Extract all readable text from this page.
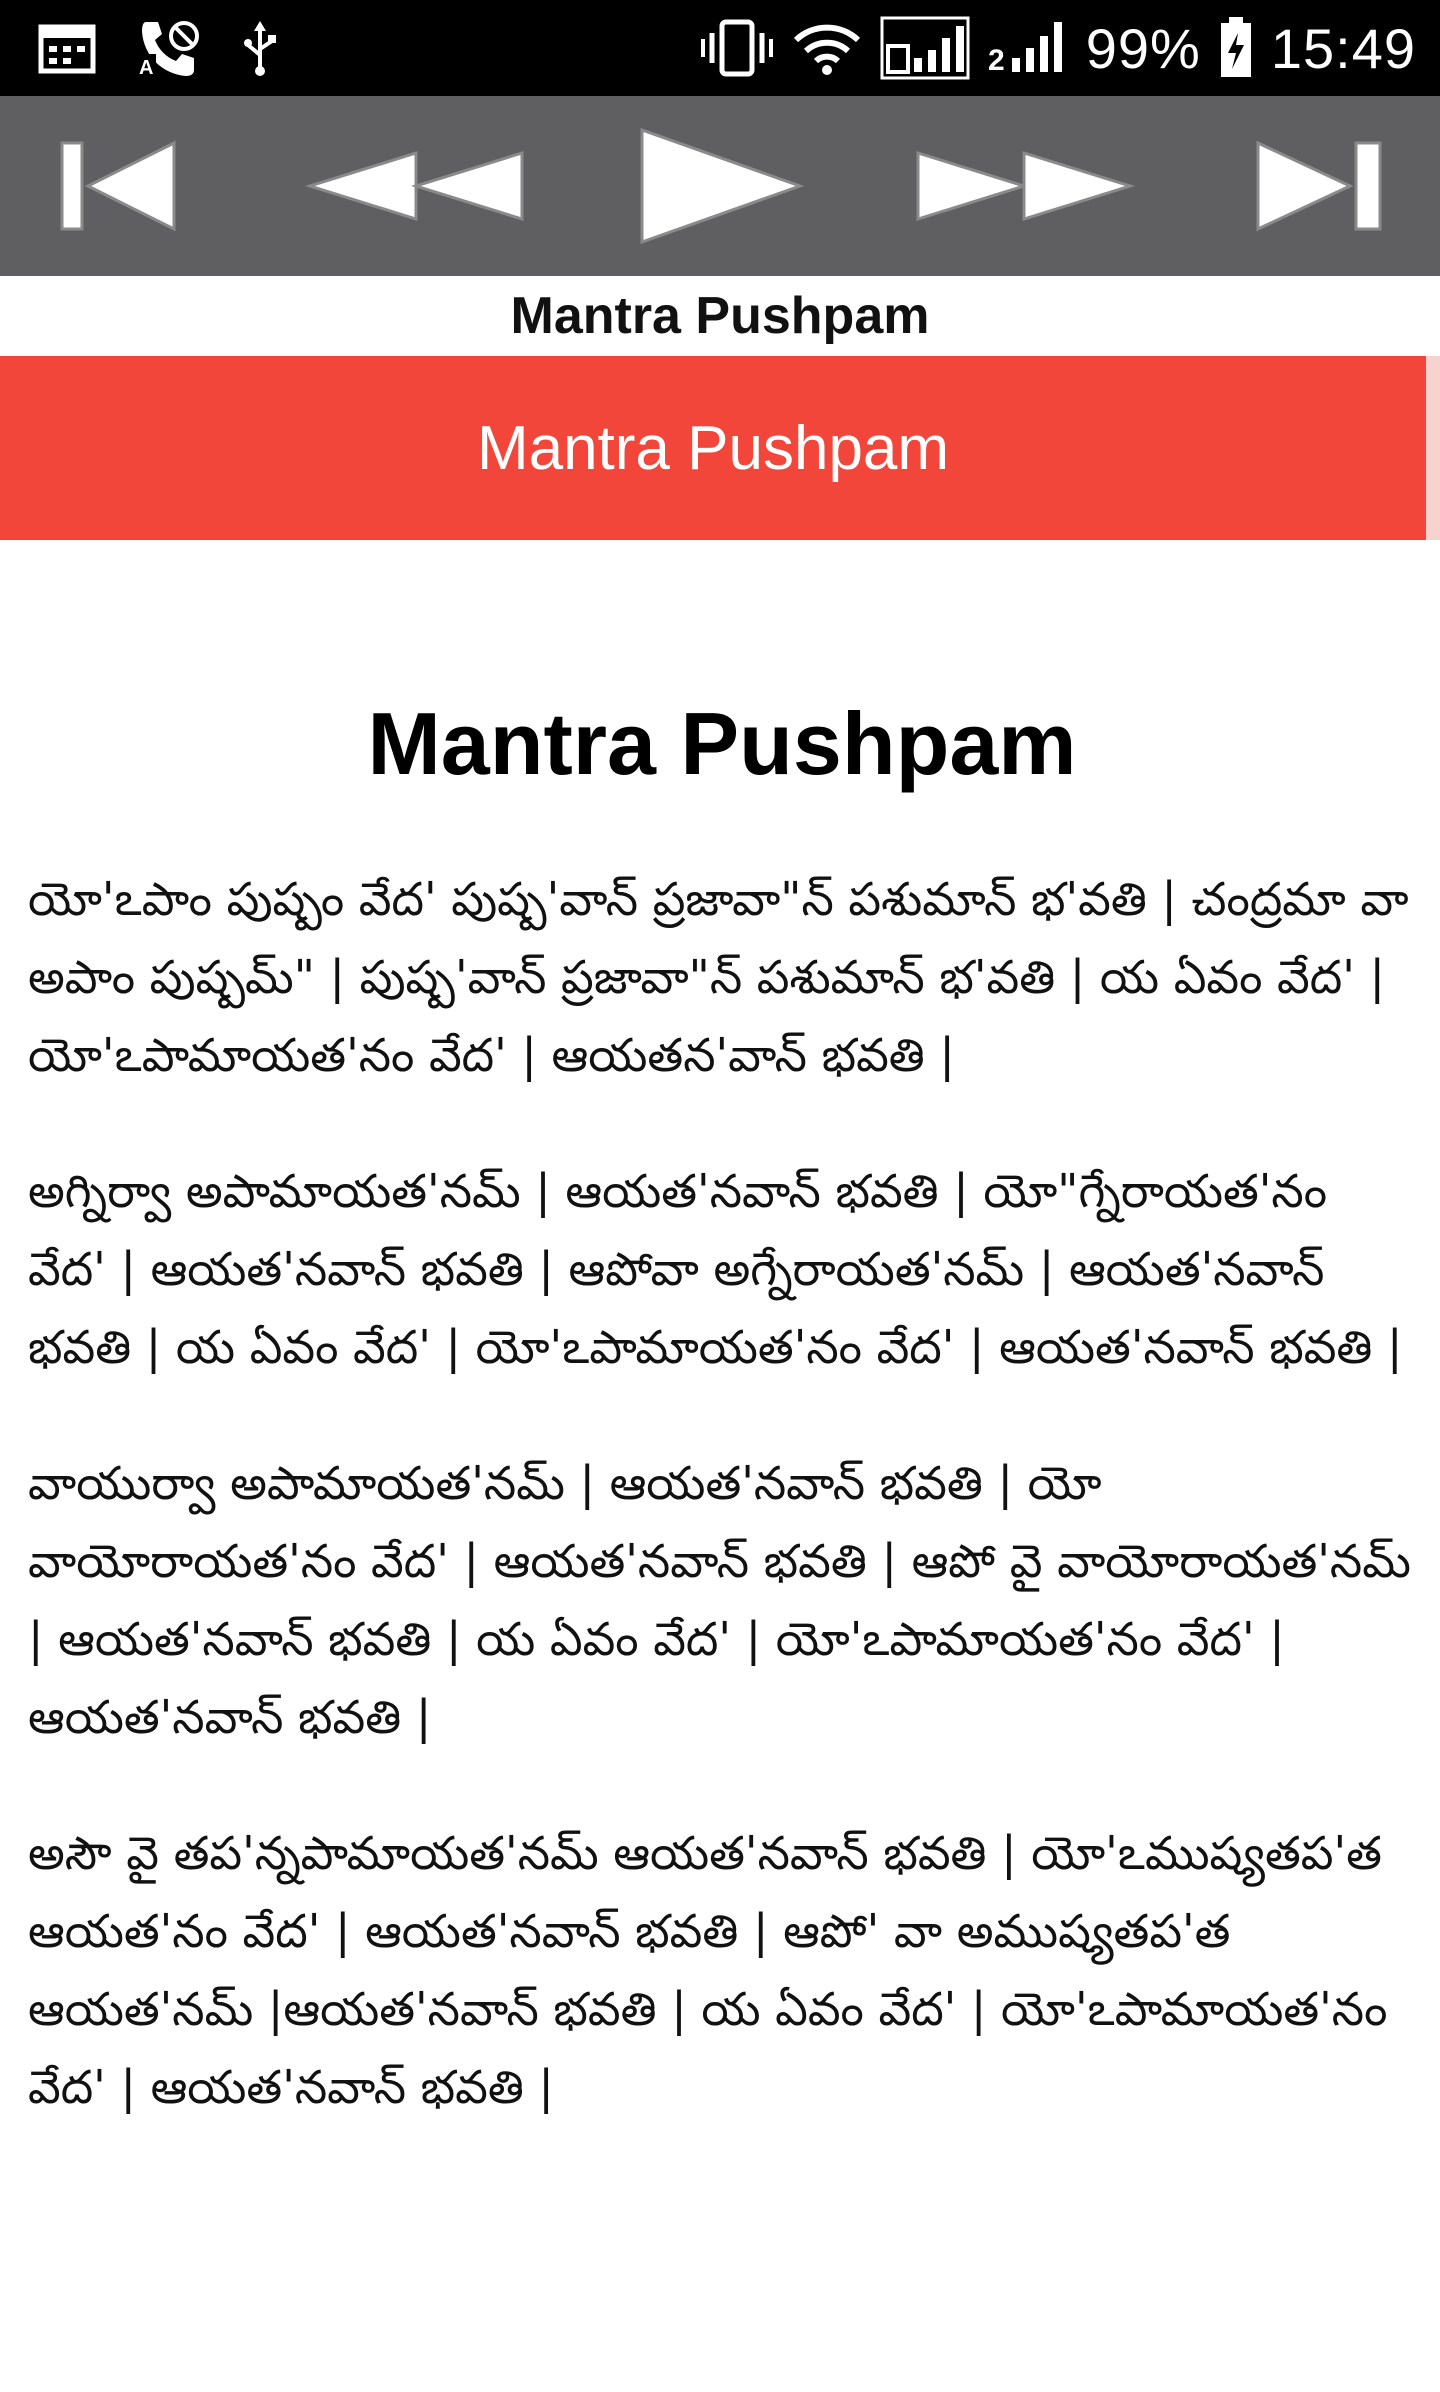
A	2 99% 15:49
Mantra Pushpam
Mantra Pushpam
Mantra Pushpam

యో'ఽపాం పుష్పం వేద' పుష్ప'వాన్ ప్రజావా"న్ పశుమాన్ భ'వతి | చంద్రమా వా అపాం పుష్పమ్" | పుష్ప'వాన్ ప్రజావా"న్ పశుమాన్ భ'వతి | య ఏవం వేద' | యో'ఽపామాయత'నం వేద' | ఆయతన'వాన్ భవతి |

అగ్నిర్వా అపామాయత'నమ్ | ఆయత'నవాన్ భవతి | యో"గ్నేరాయత'నం వేద' | ఆయత'నవాన్ భవతి | ఆపోవా అగ్నేరాయత'నమ్ | ఆయత'నవాన్ భవతి | య ఏవం వేద' | యో'ఽపామాయత'నం వేద' | ఆయత'నవాన్ భవతి |

వాయుర్వా అపామాయత'నమ్ | ఆయత'నవాన్ భవతి | యో వాయోరాయత'నం వేద' | ఆయత'నవాన్ భవతి | ఆపో వై వాయోరాయత'నమ్ | ఆయత'నవాన్ భవతి | య ఏవం వేద' | యో'ఽపామాయత'నం వేద' | ఆయత'నవాన్ భవతి |

అసౌ వై తప'న్నపామాయత'నమ్ ఆయత'నవాన్ భవతి | యో'ఽముష్యతప'త ఆయత'నం వేద' | ఆయత'నవాన్ భవతి | ఆపో' వా అముష్యతప'త ఆయత'నమ్ |ఆయత'నవాన్ భవతి | య ఏవం వేద' | యో'ఽపామాయత'నం వేద' | ఆయత'నవాన్ భవతి |
